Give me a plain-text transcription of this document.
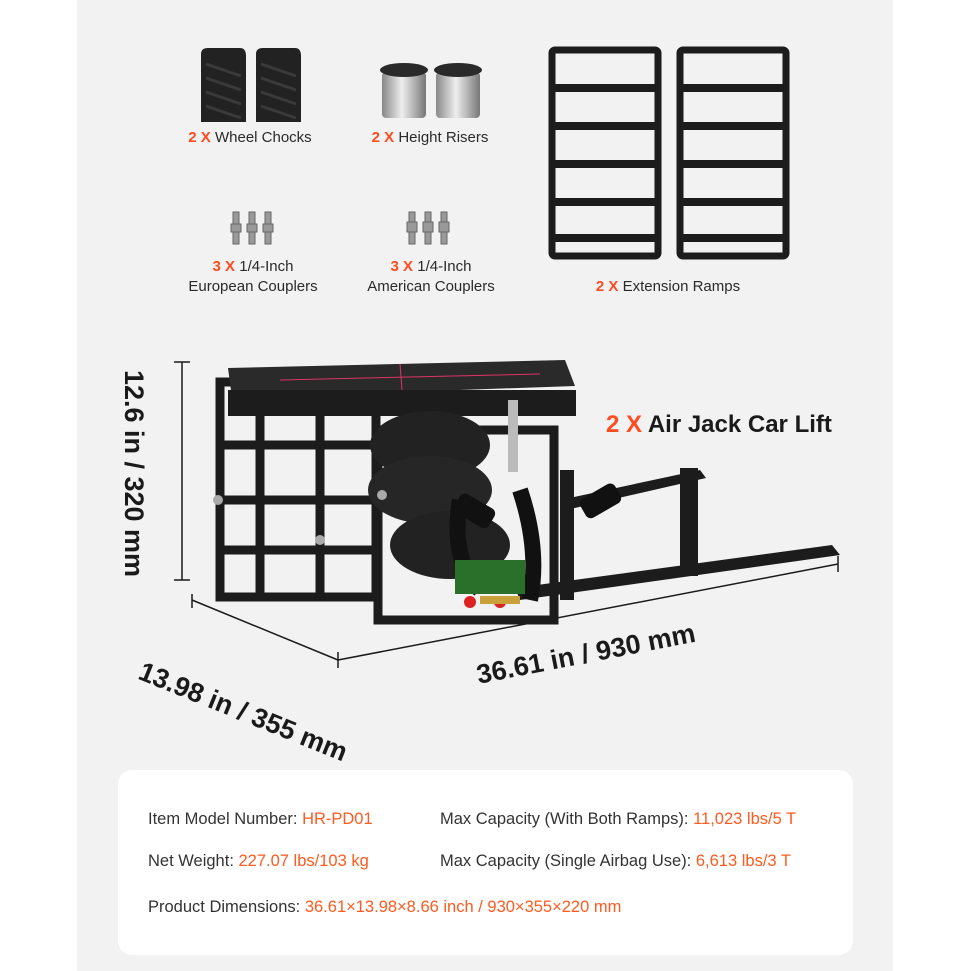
2 X Wheel Chocks	2 X Height Risers
3 X 1/4-Inch
European Couplers
3 X 1/4-Inch
American Couplers	2 X Extension Ramps
12.6 in / 320 mm
13.98 in / 355 mm
36.61 in / 930 mm
2 X Air Jack Car Lift
Item Model Number: HR-PD01
Net Weight: 227.07 lbs/103 kg
Max Capacity (With Both Ramps): 11,023 lbs/5 T
Max Capacity (Single Airbag Use): 6,613 lbs/3 T
Product Dimensions: 36.61×13.98×8.66 inch / 930×355×220 mm
